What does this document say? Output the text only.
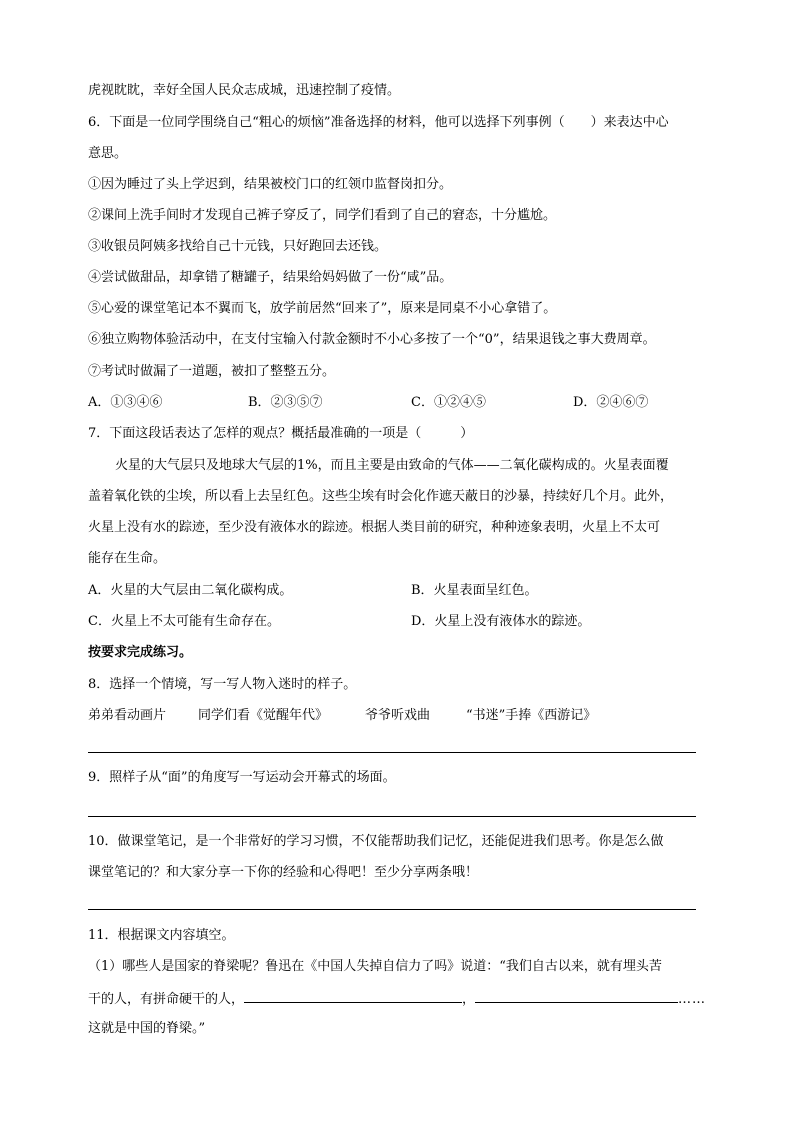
虎视眈眈，幸好全国人民众志成城，迅速控制了疫情。
6．下面是一位同学围绕自己“粗心的烦恼”准备选择的材料，他可以选择下列事例（　　）来表达中心
意思。
①因为睡过了头上学迟到，结果被校门口的红领巾监督岗扣分。
②课间上洗手间时才发现自己裤子穿反了，同学们看到了自己的窘态，十分尴尬。
③收银员阿姨多找给自己十元钱，只好跑回去还钱。
④尝试做甜品，却拿错了糖罐子，结果给妈妈做了一份“咸”品。
⑤心爱的课堂笔记本不翼而飞，放学前居然“回来了”，原来是同桌不小心拿错了。
⑥独立购物体验活动中，在支付宝输入付款金额时不小心多按了一个“0”，结果退钱之事大费周章。
⑦考试时做漏了一道题，被扣了整整五分。
A．①③④⑥	B．②③⑤⑦	C．①②④⑤	D．②④⑥⑦
7．下面这段话表达了怎样的观点？概括最准确的一项是（　　　）
火星的大气层只及地球大气层的1%，而且主要是由致命的气体——二氧化碳构成的。火星表面覆
盖着氧化铁的尘埃，所以看上去呈红色。这些尘埃有时会化作遮天蔽日的沙暴，持续好几个月。此外，
火星上没有水的踪迹，至少没有液体水的踪迹。根据人类目前的研究，种种迹象表明，火星上不太可
能存在生命。
A．火星的大气层由二氧化碳构成。	B．火星表面呈红色。
C．火星上不太可能有生命存在。	D．火星上没有液体水的踪迹。
按要求完成练习。
8．选择一个情境，写一写人物入迷时的样子。
弟弟看动画片 同学们看《觉醒年代》	爷爷听戏曲	“书迷”手捧《西游记》
9．照样子从“面”的角度写一写运动会开幕式的场面。
10．做课堂笔记，是一个非常好的学习习惯，不仅能帮助我们记忆，还能促进我们思考。你是怎么做
课堂笔记的？和大家分享一下你的经验和心得吧！至少分享两条哦！
11．根据课文内容填空。
（1）哪些人是国家的脊梁呢？鲁迅在《中国人失掉自信力了吗》说道：“我们自古以来，就有埋头苦
干的人，有拼命硬干的人，	，	……
这就是中国的脊梁。”
